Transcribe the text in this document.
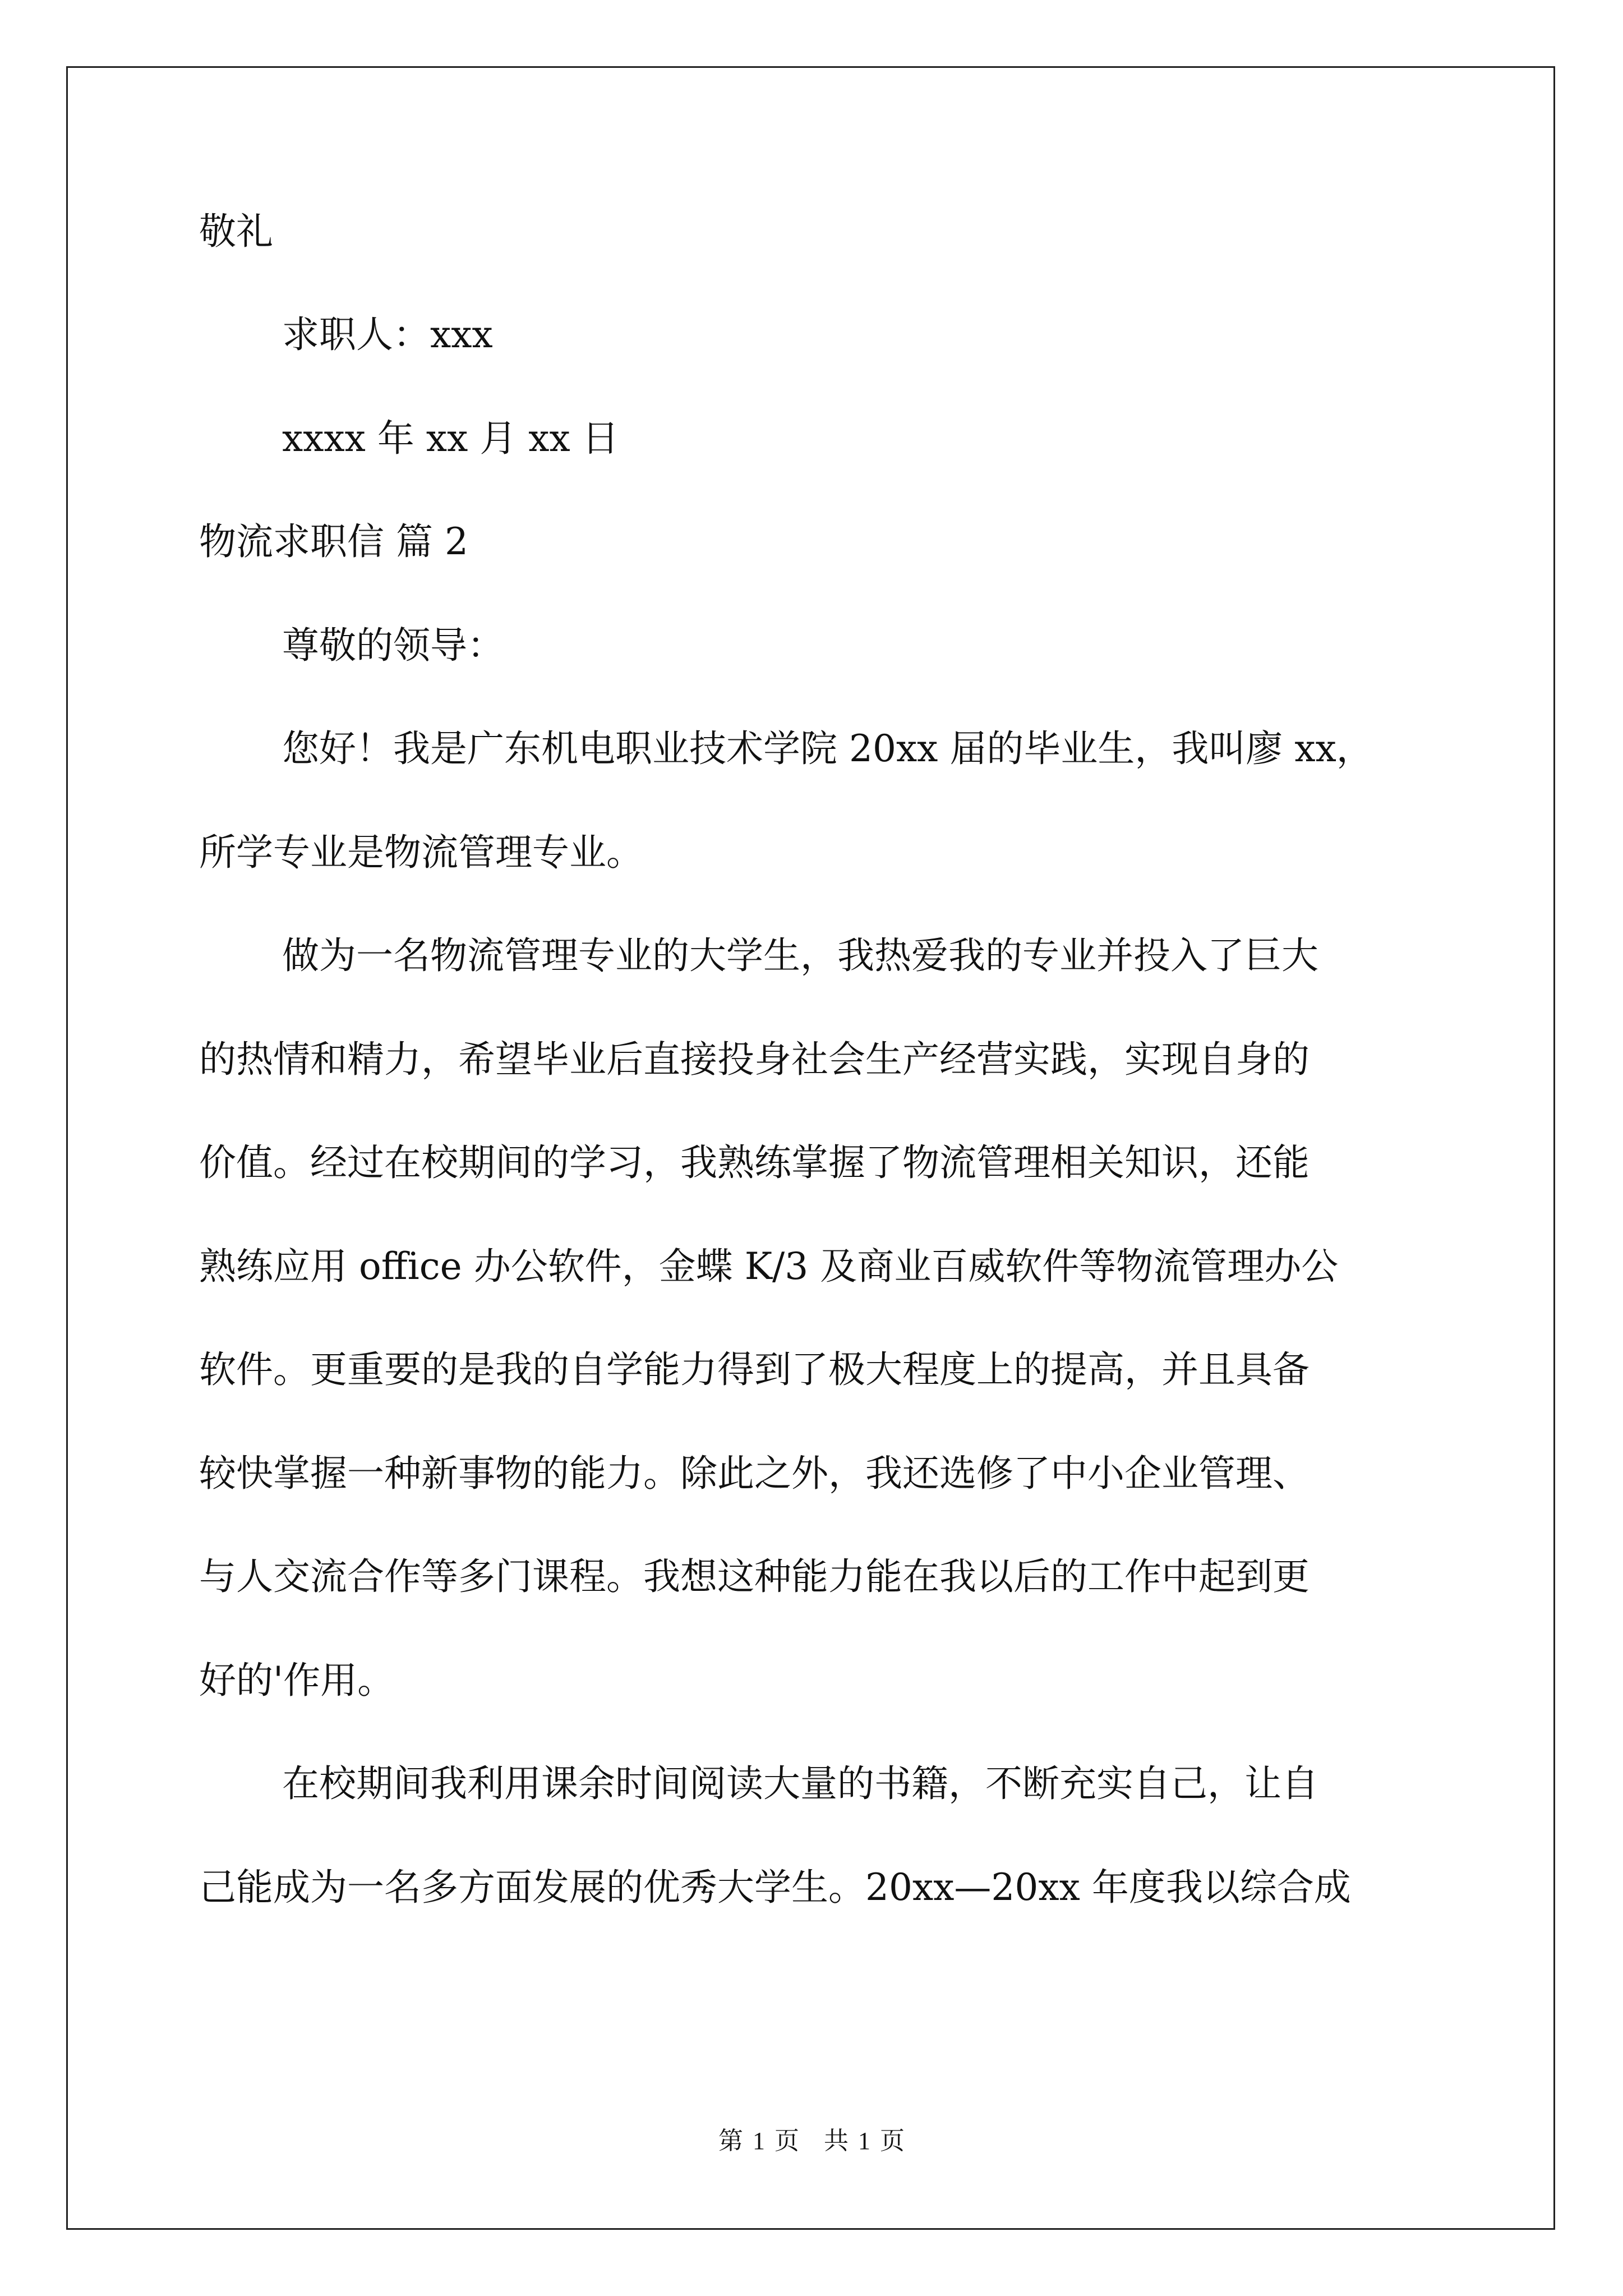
敬礼
求职人：xxx
xxxx 年 xx 月 xx 日
物流求职信 篇 2
尊敬的领导：
您好！我是广东机电职业技术学院 20xx 届的毕业生，我叫廖 xx，
所学专业是物流管理专业。
做为一名物流管理专业的大学生，我热爱我的专业并投入了巨大
的热情和精力，希望毕业后直接投身社会生产经营实践，实现自身的
价值。经过在校期间的学习，我熟练掌握了物流管理相关知识，还能
熟练应用 office 办公软件，金蝶 K/3 及商业百威软件等物流管理办公
软件。更重要的是我的自学能力得到了极大程度上的提高，并且具备
较快掌握一种新事物的能力。除此之外，我还选修了中小企业管理、
与人交流合作等多门课程。我想这种能力能在我以后的工作中起到更
好的'作用。
在校期间我利用课余时间阅读大量的书籍，不断充实自己，让自
己能成为一名多方面发展的优秀大学生。20xx—20xx 年度我以综合成
第 1 页　共 1 页
